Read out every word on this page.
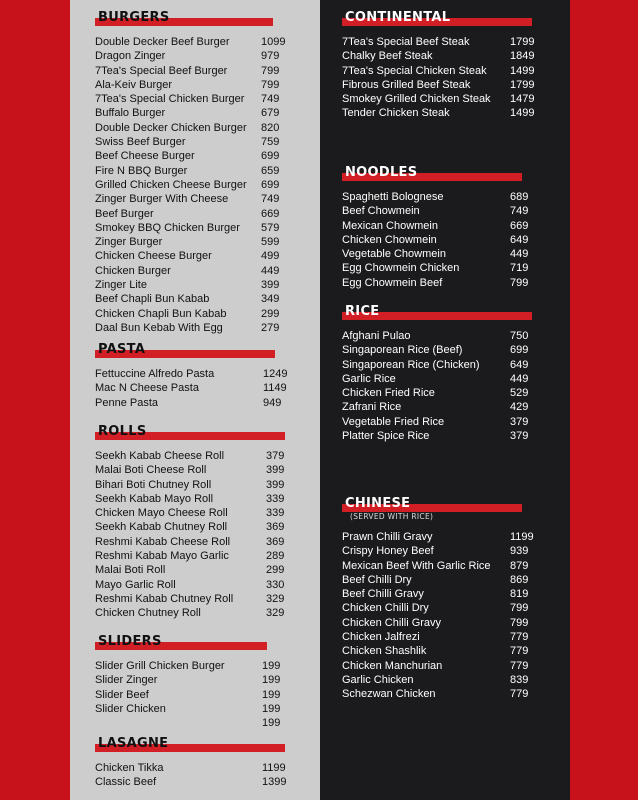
BURGERS
Double Decker Beef Burger	1099
Dragon Zinger	979
7Tea's Special Beef Burger	799
Ala-Keiv Burger	799
7Tea's Special Chicken Burger 749
Buffalo Burger	679
Double Decker Chicken Burger 820
Swiss Beef Burger	759
Beef Cheese Burger	699
Fire N BBQ Burger	659
Grilled Chicken Cheese Burger 699
Zinger Burger With Cheese	749
Beef Burger	669
Smokey BBQ Chicken Burger 579
Zinger Burger	599
Chicken Cheese Burger	499
Chicken Burger	449
Zinger Lite	399
Beef Chapli Bun Kabab	349
Chicken Chapli Bun Kabab	299
Daal Bun Kebab With Egg	279
PASTA
Fettuccine Alfredo Pasta	1249
Mac N Cheese Pasta	1149
Penne Pasta	949
ROLLS
Seekh Kabab Cheese Roll	379
Malai Boti Cheese Roll	399
Bihari Boti Chutney Roll	399
Seekh Kabab Mayo Roll	339
Chicken Mayo Cheese Roll	339
Seekh Kabab Chutney Roll	369
Reshmi Kabab Cheese Roll	369
Reshmi Kabab Mayo Garlic	289
Malai Boti Roll	299
Mayo Garlic Roll	330
Reshmi Kabab Chutney Roll	329
Chicken Chutney Roll	329
SLIDERS
Slider Grill Chicken Burger	199
Slider Zinger	199
Slider Beef	199
Slider Chicken	199
199
LASAGNE
Chicken Tikka	1199
Classic Beef	1399
CONTINENTAL
7Tea's Special Beef Steak	1799
Chalky Beef Steak	1849
7Tea's Special Chicken Steak 1499
Fibrous Grilled Beef Steak	1799
Smokey Grilled Chicken Steak 1479
Tender Chicken Steak	1499
NOODLES
Spaghetti Bolognese	689
Beef Chowmein	749
Mexican Chowmein	669
Chicken Chowmein	649
Vegetable Chowmein	449
Egg Chowmein Chicken	719
Egg Chowmein Beef	799
RICE
Afghani Pulao	750
Singaporean Rice (Beef)	699
Singaporean Rice (Chicken)	649
Garlic Rice	449
Chicken Fried Rice	529
Zafrani Rice	429
Vegetable Fried Rice	379
Platter Spice Rice	379
CHINESE
(SERVED WITH RICE)
Prawn Chilli Gravy	1199
Crispy Honey Beef	939
Mexican Beef With Garlic Rice 879
Beef Chilli Dry	869
Beef Chilli Gravy	819
Chicken Chilli Dry	799
Chicken Chilli Gravy	799
Chicken Jalfrezi	779
Chicken Shashlik	779
Chicken Manchurian	779
Garlic Chicken	839
Schezwan Chicken	779
